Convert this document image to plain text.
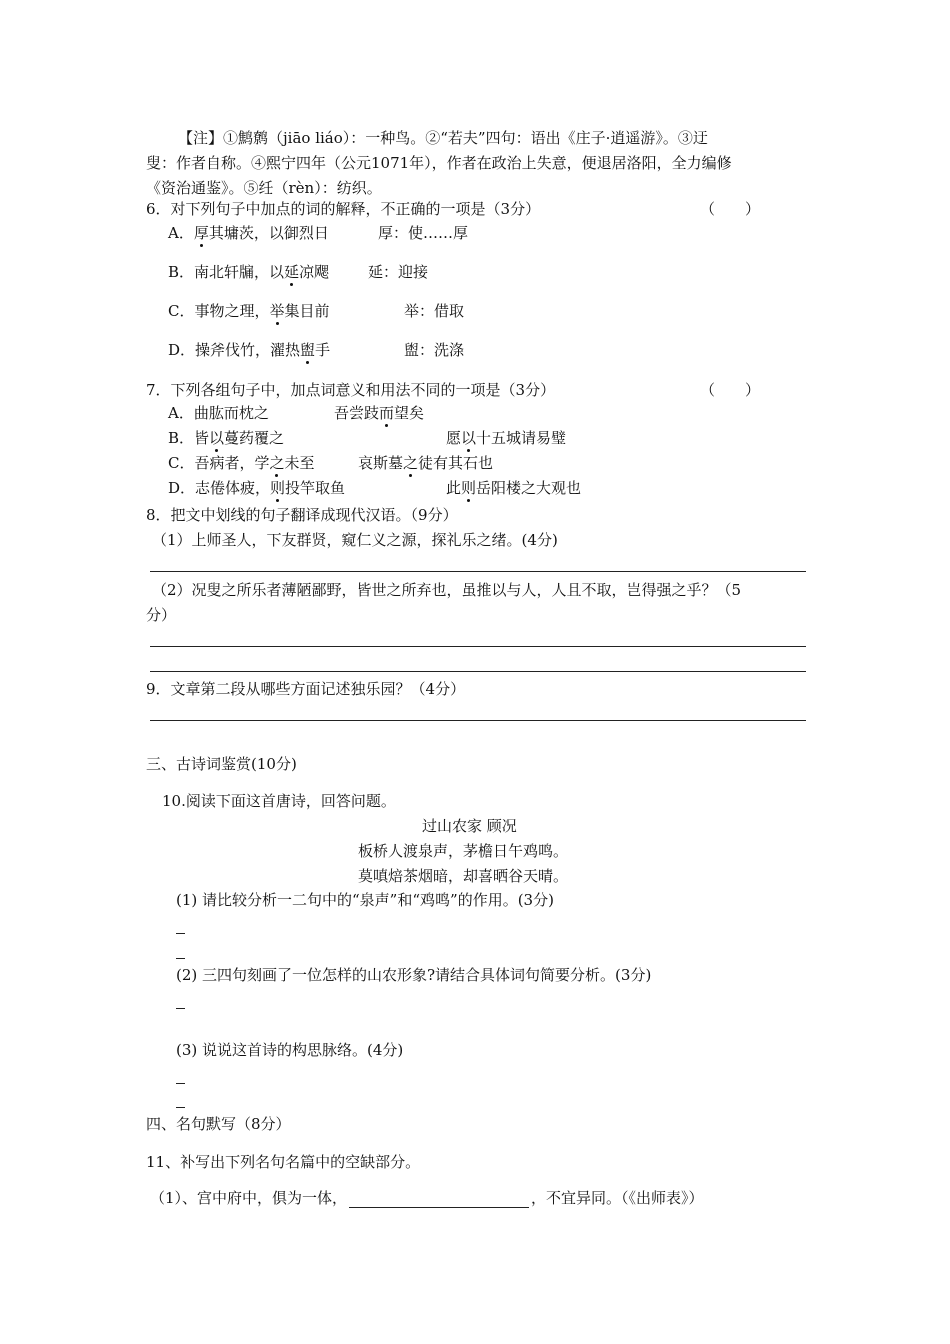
【注】①鹪鹩（jiāo liáo）：一种鸟。②“若夫”四句：语出《庄子·逍遥游》。③迂
叟：作者自称。④熙宁四年（公元1071年），作者在政治上失意，便退居洛阳，全力编修
《资治通鉴》。⑤纴（rèn）：纺织。
6．对下列句子中加点的词的解释，不正确的一项是（3分）	（　　）
A．厚其墉茨，以御烈日	厚：使……厚
B．南北轩牖，以延凉飔	延：迎接
C．事物之理，举集目前	举：借取
D．操斧伐竹，濯热盥手	盥：洗涤
7．下列各组句子中，加点词意义和用法不同的一项是（3分）	（　　）
A．曲肱而枕之	吾尝跂而望矣
B．皆以蔓药覆之	愿以十五城请易璧
C．吾病者，学之未至	哀斯墓之徒有其石也
D．志倦体疲，则投竿取鱼	此则岳阳楼之大观也
8．把文中划线的句子翻译成现代汉语。（9分）
（1）上师圣人，下友群贤，窥仁义之源，探礼乐之绪。(4分)
（2）况叟之所乐者薄陋鄙野，皆世之所弃也，虽推以与人，人且不取，岂得强之乎？（5
分）
9．文章第二段从哪些方面记述独乐园？（4分）
三、古诗词鉴赏(10分)
10.阅读下面这首唐诗，回答问题。
过山农家 顾况
板桥人渡泉声，茅檐日午鸡鸣。
莫嗔焙茶烟暗，却喜晒谷天晴。
(1) 请比较分析一二句中的“泉声”和“鸡鸣”的作用。(3分)
(2) 三四句刻画了一位怎样的山农形象?请结合具体词句简要分析。(3分)
(3) 说说这首诗的构思脉络。(4分)
四、名句默写（8分）
11、补写出下列名句名篇中的空缺部分。
（1）、宫中府中，俱为一体，	，不宜异同。（《出师表》）
